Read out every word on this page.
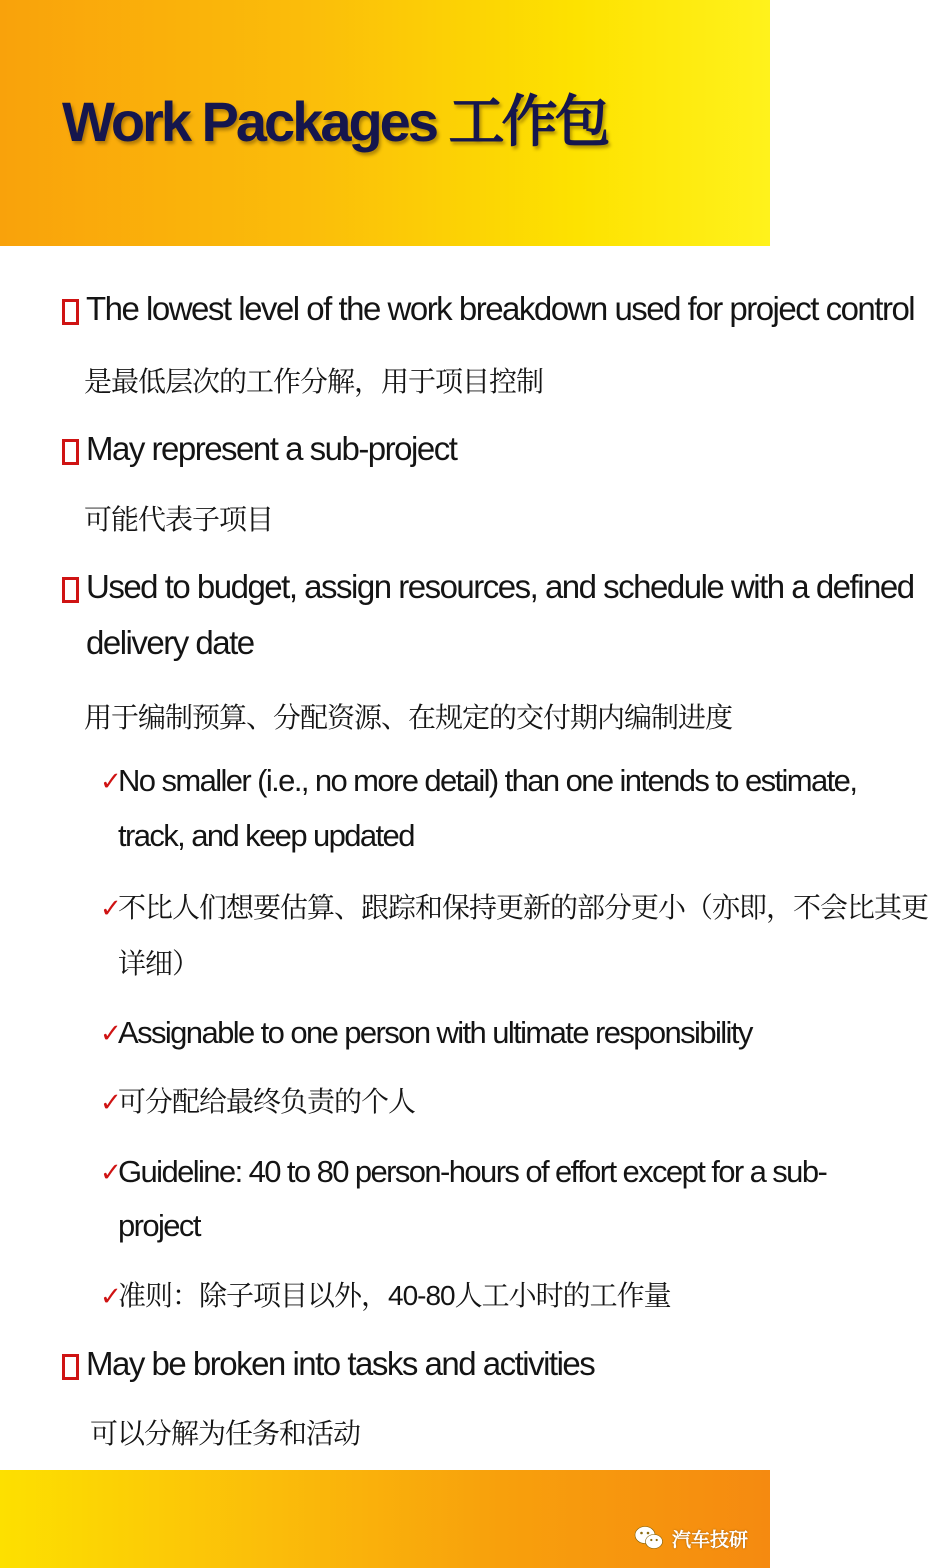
Work Packages 工作包
The lowest level of the work breakdown used for project control
是最低层次的工作分解，用于项目控制
May represent a sub-project
可能代表子项目
Used to budget, assign resources, and schedule with a defined
delivery date
用于编制预算、分配资源、在规定的交付期内编制进度
✓
No smaller (i.e., no more detail) than one intends to estimate,
track, and keep updated
✓
不比人们想要估算、跟踪和保持更新的部分更小（亦即，不会比其更
详细）
✓
Assignable to one person with ultimate responsibility
✓
可分配给最终负责的个人
✓
Guideline: 40 to 80 person-hours of effort except for a sub-
project
✓
准则：除子项目以外，40-80人工小时的工作量
May be broken into tasks and activities
可以分解为任务和活动
汽车技研
